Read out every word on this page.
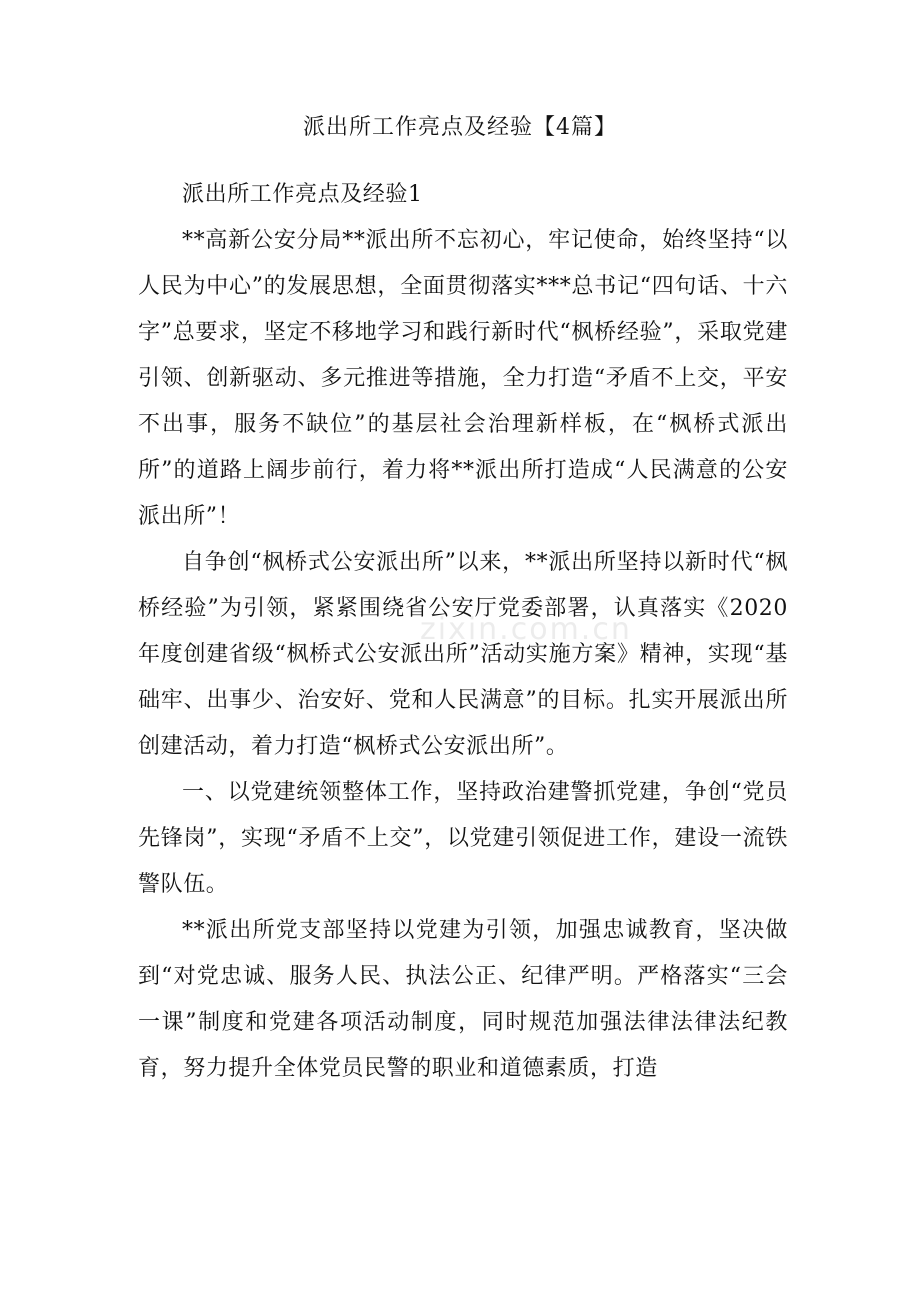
派出所工作亮点及经验【4篇】

派出所工作亮点及经验1

**高新公安分局**派出所不忘初心，牢记使命，始终坚持“以人民为中心”的发展思想，全面贯彻落实***总书记“四句话、十六字”总要求，坚定不移地学习和践行新时代“枫桥经验”，采取党建引领、创新驱动、多元推进等措施，全力打造“矛盾不上交，平安不出事，服务不缺位”的基层社会治理新样板，在“枫桥式派出所”的道路上阔步前行，着力将**派出所打造成“人民满意的公安派出所”！

自争创“枫桥式公安派出所”以来，**派出所坚持以新时代“枫桥经验”为引领，紧紧围绕省公安厅党委部署，认真落实《2020年度创建省级“枫桥式公安派出所”活动实施方案》精神，实现“基础牢、出事少、治安好、党和人民满意”的目标。扎实开展派出所创建活动，着力打造“枫桥式公安派出所”。

一、以党建统领整体工作，坚持政治建警抓党建，争创“党员先锋岗”，实现“矛盾不上交”，以党建引领促进工作，建设一流铁警队伍。

**派出所党支部坚持以党建为引领，加强忠诚教育，坚决做到“对党忠诚、服务人民、执法公正、纪律严明。严格落实“三会一课”制度和党建各项活动制度，同时规范加强法律法律法纪教育，努力提升全体党员民警的职业和道德素质，打造

zixin.com.cn
